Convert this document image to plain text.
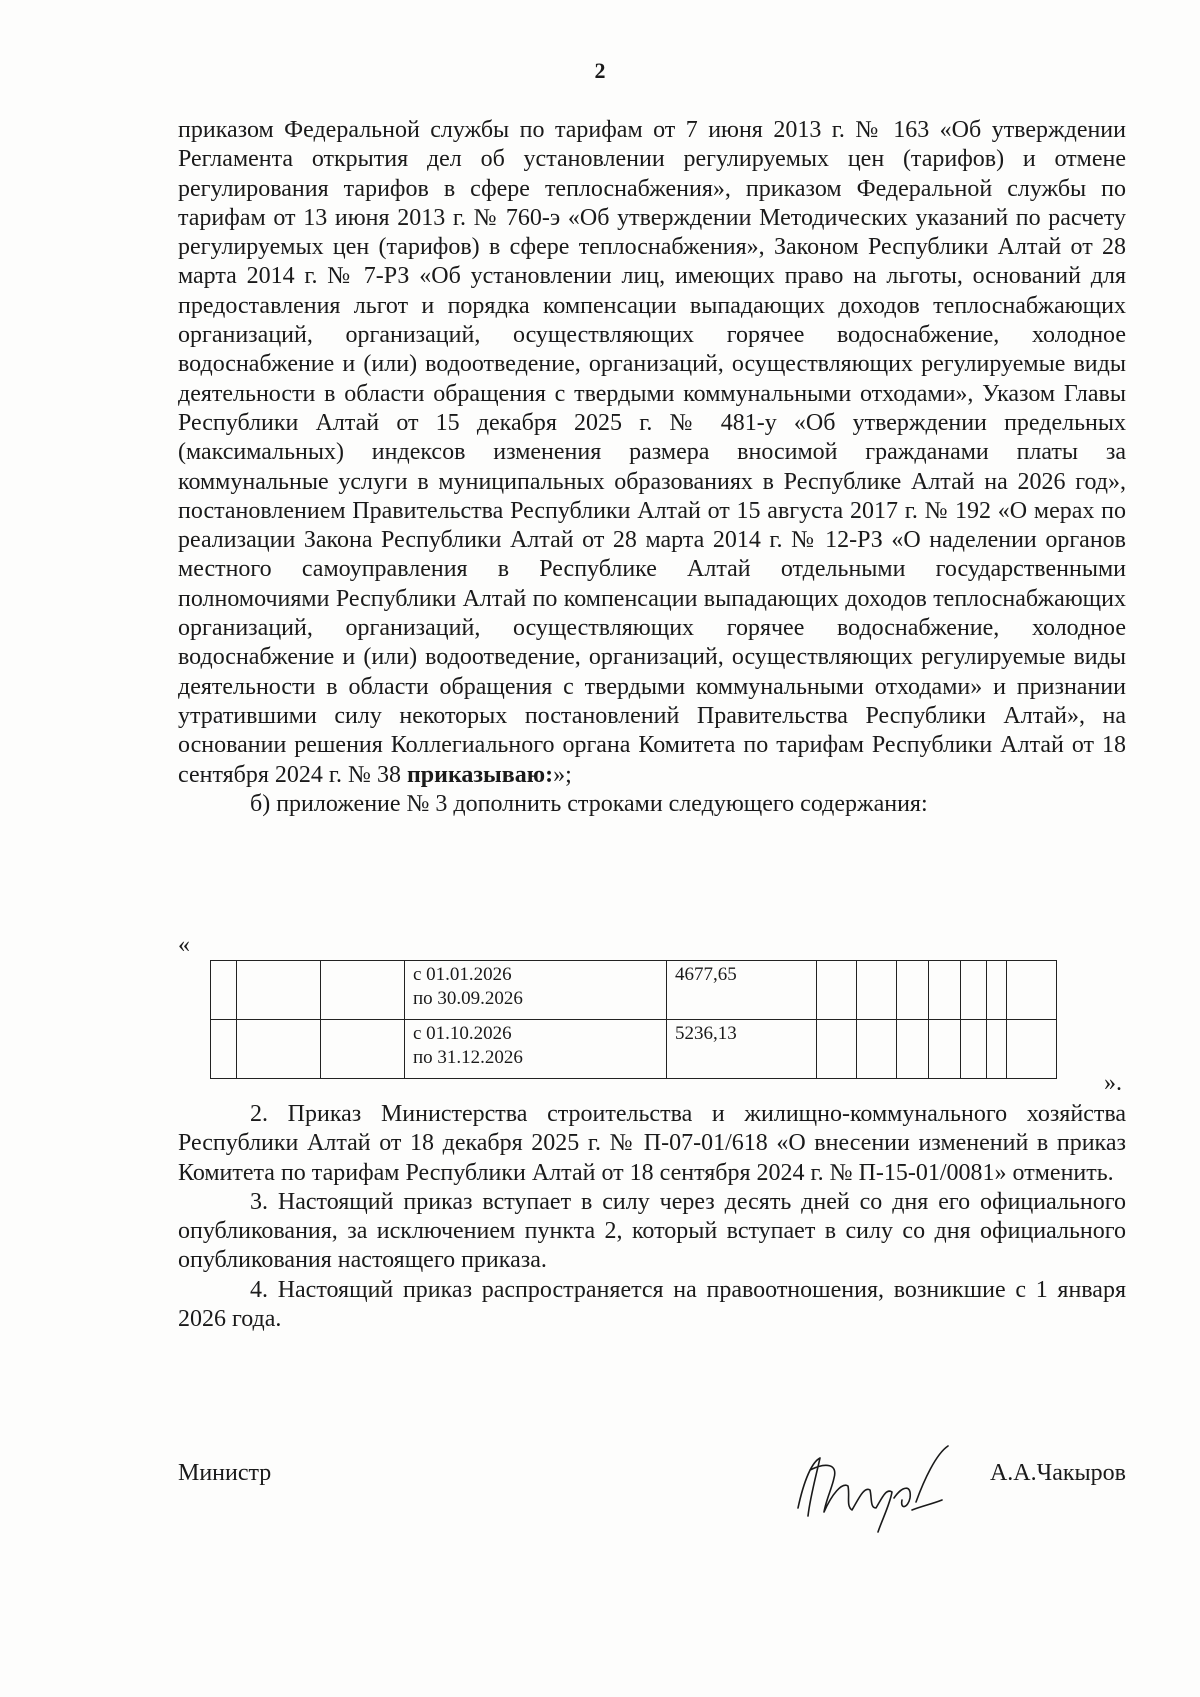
2

приказом Федеральной службы по тарифам от 7 июня 2013 г. № 163 «Об утверждении Регламента открытия дел об установлении регулируемых цен (тарифов) и отмене регулирования тарифов в сфере теплоснабжения», приказом Федеральной службы по тарифам от 13 июня 2013 г. № 760-э «Об утверждении Методических указаний по расчету регулируемых цен (тарифов) в сфере теплоснабжения», Законом Республики Алтай от 28 марта 2014 г. № 7-РЗ «Об установлении лиц, имеющих право на льготы, оснований для предоставления льгот и порядка компенсации выпадающих доходов теплоснабжающих организаций, организаций, осуществляющих горячее водоснабжение, холодное водоснабжение и (или) водоотведение, организаций, осуществляющих регулируемые виды деятельности в области обращения с твердыми коммунальными отходами», Указом Главы Республики Алтай от 15 декабря 2025 г. № 481-у «Об утверждении предельных (максимальных) индексов изменения размера вносимой гражданами платы за коммунальные услуги в муниципальных образованиях в Республике Алтай на 2026 год», постановлением Правительства Республики Алтай от 15 августа 2017 г. № 192 «О мерах по реализации Закона Республики Алтай от 28 марта 2014 г. № 12-РЗ «О наделении органов местного самоуправления в Республике Алтай отдельными государственными полномочиями Республики Алтай по компенсации выпадающих доходов теплоснабжающих организаций, организаций, осуществляющих горячее водоснабжение, холодное водоснабжение и (или) водоотведение, организаций, осуществляющих регулируемые виды деятельности в области обращения с твердыми коммунальными отходами» и признании утратившими силу некоторых постановлений Правительства Республики Алтай», на основании решения Коллегиального органа Комитета по тарифам Республики Алтай от 18 сентября 2024 г. № 38 приказываю:»;

б) приложение № 3 дополнить строками следующего содержания:

«

			с 01.01.2026
по 30.09.2026	4677,65							

			с 01.10.2026
по 31.12.2026	5236,13							
».

2. Приказ Министерства строительства и жилищно-коммунального хозяйства Республики Алтай от 18 декабря 2025 г. № П-07-01/618 «О внесении изменений в приказ Комитета по тарифам Республики Алтай от 18 сентября 2024 г. № П-15-01/0081» отменить.

3. Настоящий приказ вступает в силу через десять дней со дня его официального опубликования, за исключением пункта 2, который вступает в силу со дня официального опубликования настоящего приказа.

4. Настоящий приказ распространяется на правоотношения, возникшие с 1 января 2026 года.

Министр	А.А.Чакыров
